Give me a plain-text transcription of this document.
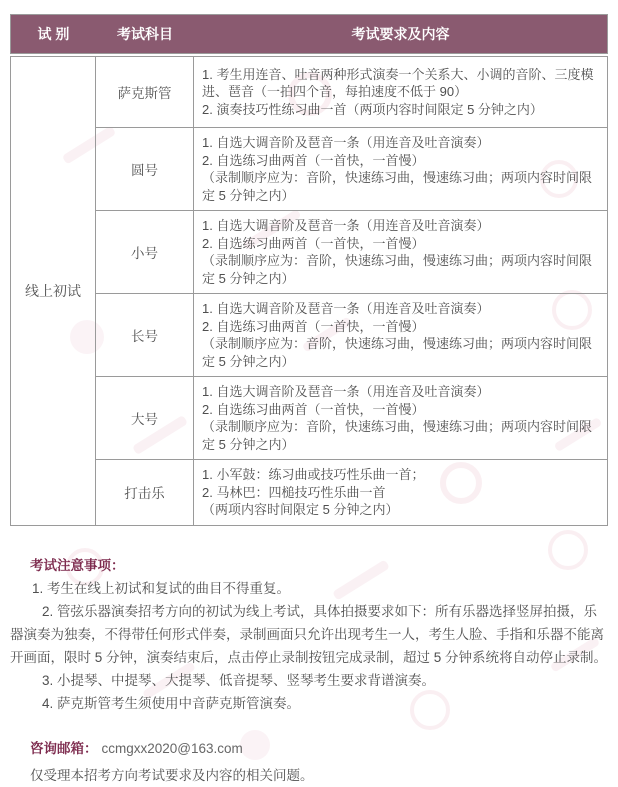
试 别	考试科目	考试要求及内容
线上初试	萨克斯管	1. 考生用连音、吐音两种形式演奏一个关系大、小调的音阶、三度模进、琶音（一拍四个音，每拍速度不低于 90）
2. 演奏技巧性练习曲一首（两项内容时间限定 5 分钟之内）

	圆号	1. 自选大调音阶及琶音一条（用连音及吐音演奏）
2. 自选练习曲两首（一首快，一首慢）
（录制顺序应为：音阶，快速练习曲，慢速练习曲；两项内容时间限定 5 分钟之内）

	小号	1. 自选大调音阶及琶音一条（用连音及吐音演奏）
2. 自选练习曲两首（一首快，一首慢）
（录制顺序应为：音阶，快速练习曲，慢速练习曲；两项内容时间限定 5 分钟之内）

	长号	1. 自选大调音阶及琶音一条（用连音及吐音演奏）
2. 自选练习曲两首（一首快，一首慢）
（录制顺序应为：音阶，快速练习曲，慢速练习曲；两项内容时间限定 5 分钟之内）

	大号	1. 自选大调音阶及琶音一条（用连音及吐音演奏）
2. 自选练习曲两首（一首快，一首慢）
（录制顺序应为：音阶，快速练习曲，慢速练习曲；两项内容时间限定 5 分钟之内）

	打击乐	1. 小军鼓：练习曲或技巧性乐曲一首；
2. 马林巴：四槌技巧性乐曲一首
（两项内容时间限定 5 分钟之内）
考试注意事项：

1. 考生在线上初试和复试的曲目不得重复。

2. 管弦乐器演奏招考方向的初试为线上考试，具体拍摄要求如下：所有乐器选择竖屏拍摄，乐器演奏为独奏，不得带任何形式伴奏，录制画面只允许出现考生一人，考生人脸、手指和乐器不能离开画面，限时 5 分钟，演奏结束后，点击停止录制按钮完成录制，超过 5 分钟系统将自动停止录制。

3. 小提琴、中提琴、大提琴、低音提琴、竖琴考生要求背谱演奏。

4. 萨克斯管考生须使用中音萨克斯管演奏。

咨询邮箱： ccmgxx2020@163.com

仅受理本招考方向考试要求及内容的相关问题。
